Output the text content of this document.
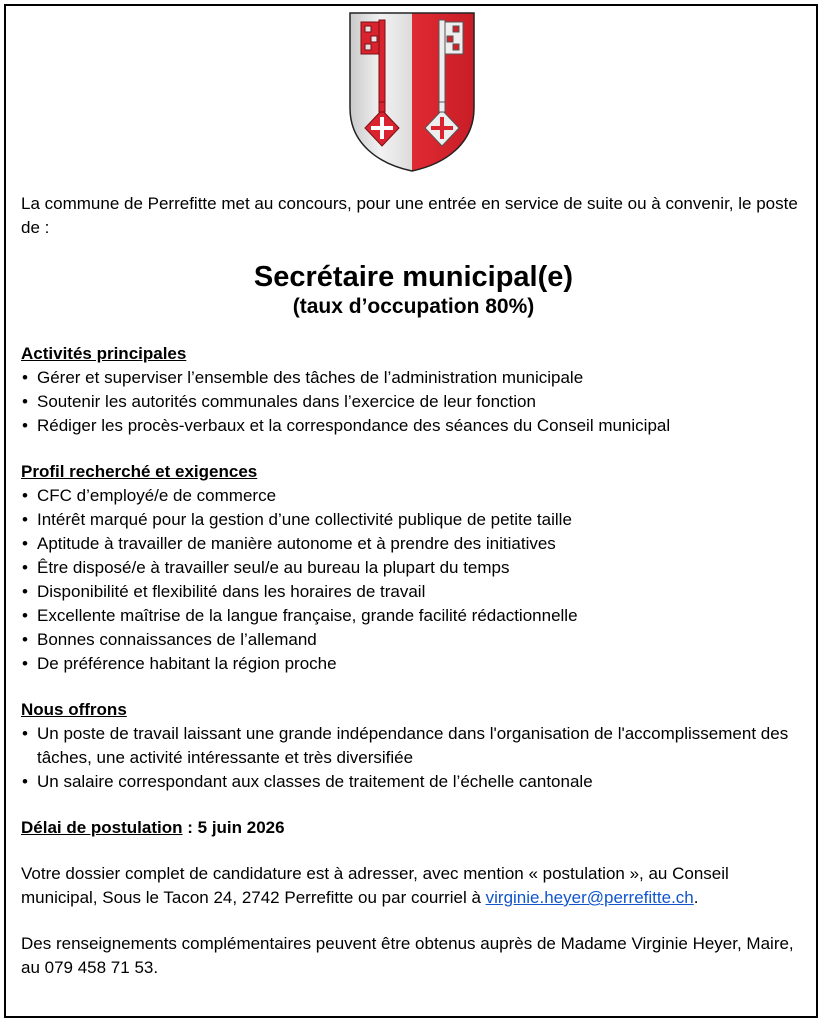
La commune de Perrefitte met au concours, pour une entrée en service de suite ou à convenir, le poste de :

Secrétaire municipal(e)

(taux d’occupation 80%)

Activités principales

• Gérer et superviser l’ensemble des tâches de l’administration municipale
• Soutenir les autorités communales dans l’exercice de leur fonction
• Rédiger les procès-verbaux et la correspondance des séances du Conseil municipal

Profil recherché et exigences

• CFC d’employé/e de commerce
• Intérêt marqué pour la gestion d’une collectivité publique de petite taille
• Aptitude à travailler de manière autonome et à prendre des initiatives
• Être disposé/e à travailler seul/e au bureau la plupart du temps
• Disponibilité et flexibilité dans les horaires de travail
• Excellente maîtrise de la langue française, grande facilité rédactionnelle
• Bonnes connaissances de l’allemand
• De préférence habitant la région proche

Nous offrons

• Un poste de travail laissant une grande indépendance dans l'organisation de l'accomplissement des tâches, une activité intéressante et très diversifiée
• Un salaire correspondant aux classes de traitement de l’échelle cantonale

Délai de postulation : 5 juin 2026

Votre dossier complet de candidature est à adresser, avec mention « postulation », au Conseil municipal, Sous le Tacon 24, 2742 Perrefitte ou par courriel à virginie.heyer@perrefitte.ch.

Des renseignements complémentaires peuvent être obtenus auprès de Madame Virginie Heyer, Maire, au 079 458 71 53.
